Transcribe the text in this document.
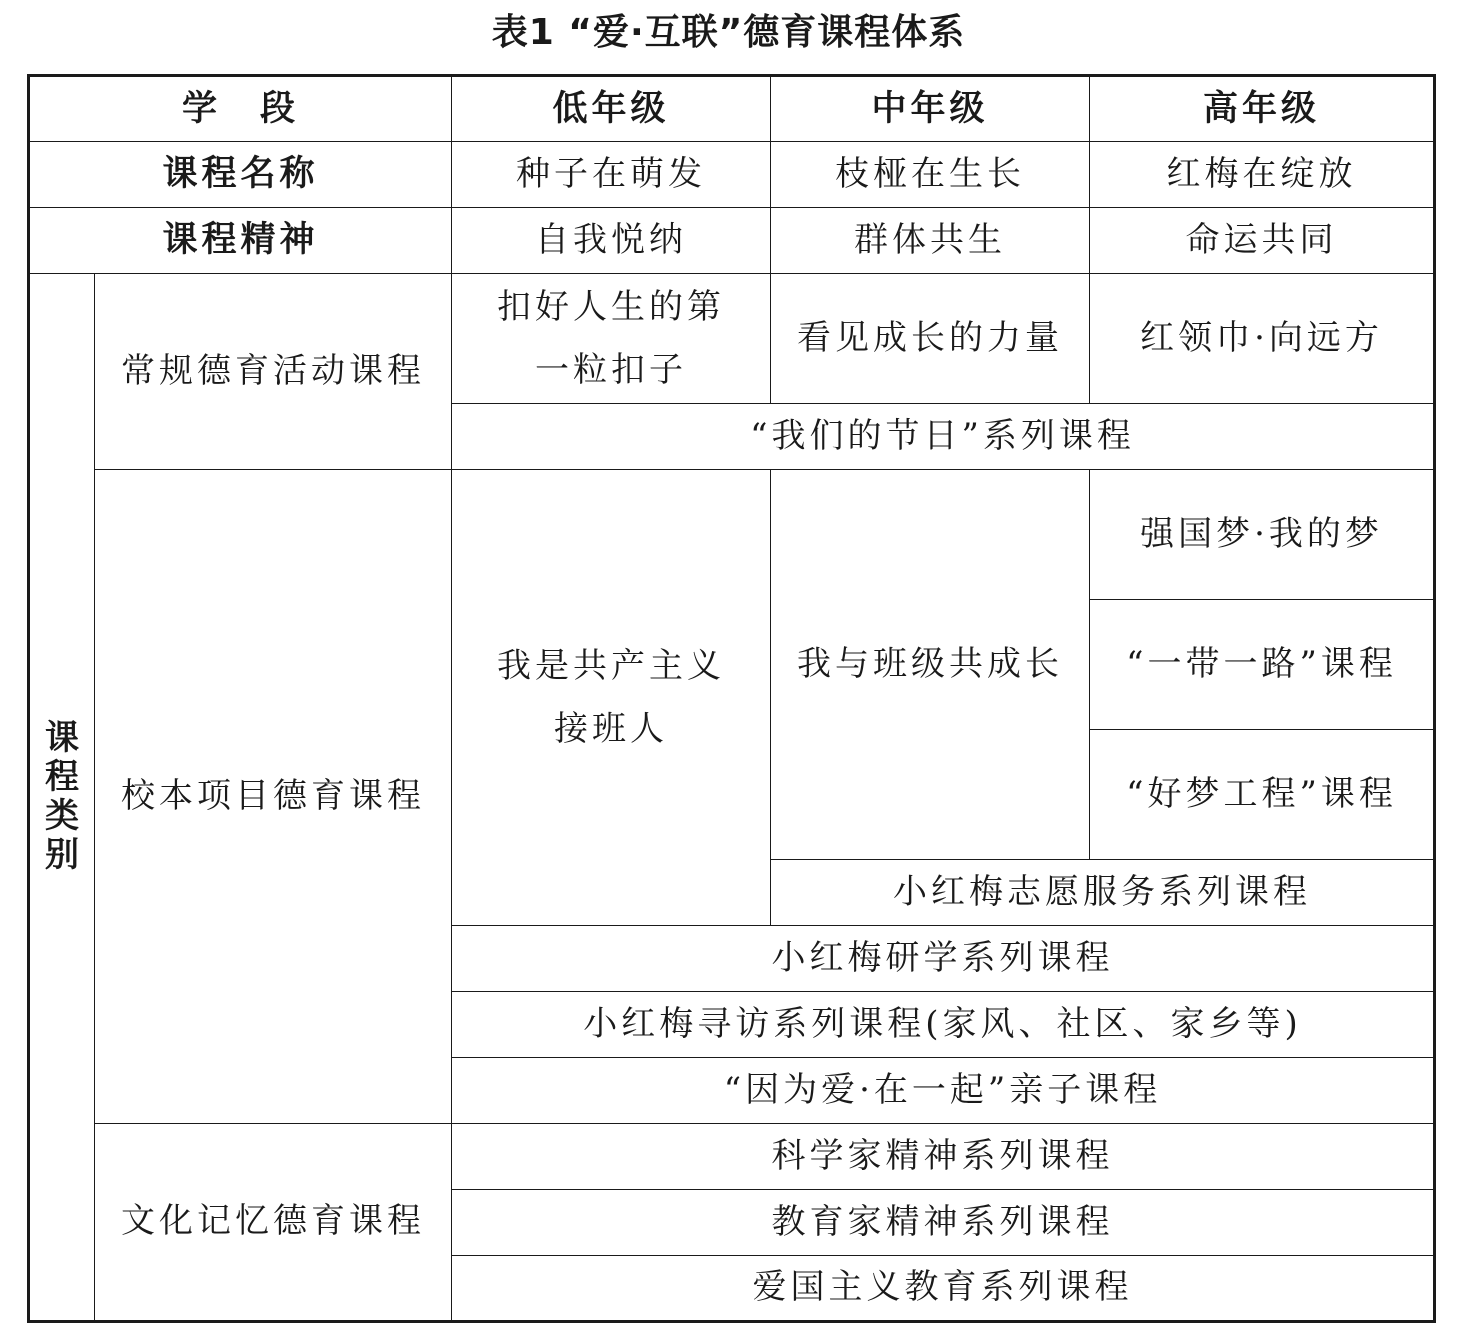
表1 “爱·互联”德育课程体系
学　段		低年级	中年级	高年级
课程名称		种子在萌发	枝桠在生长	红梅在绽放
课程精神		自我悦纳	群体共生	命运共同
课程类别	常规德育活动课程	扣好人生的第一粒扣子	看见成长的力量	红领巾·向远方
		“我们的节日”系列课程		
	校本项目德育课程	我是共产主义接班人	我与班级共成长	强国梦·我的梦
				“一带一路”课程
				“好梦工程”课程
			小红梅志愿服务系列课程	
		小红梅研学系列课程		
		小红梅寻访系列课程(家风、社区、家乡等)		
		“因为爱·在一起”亲子课程		
	文化记忆德育课程	科学家精神系列课程		
		教育家精神系列课程		
		爱国主义教育系列课程		
